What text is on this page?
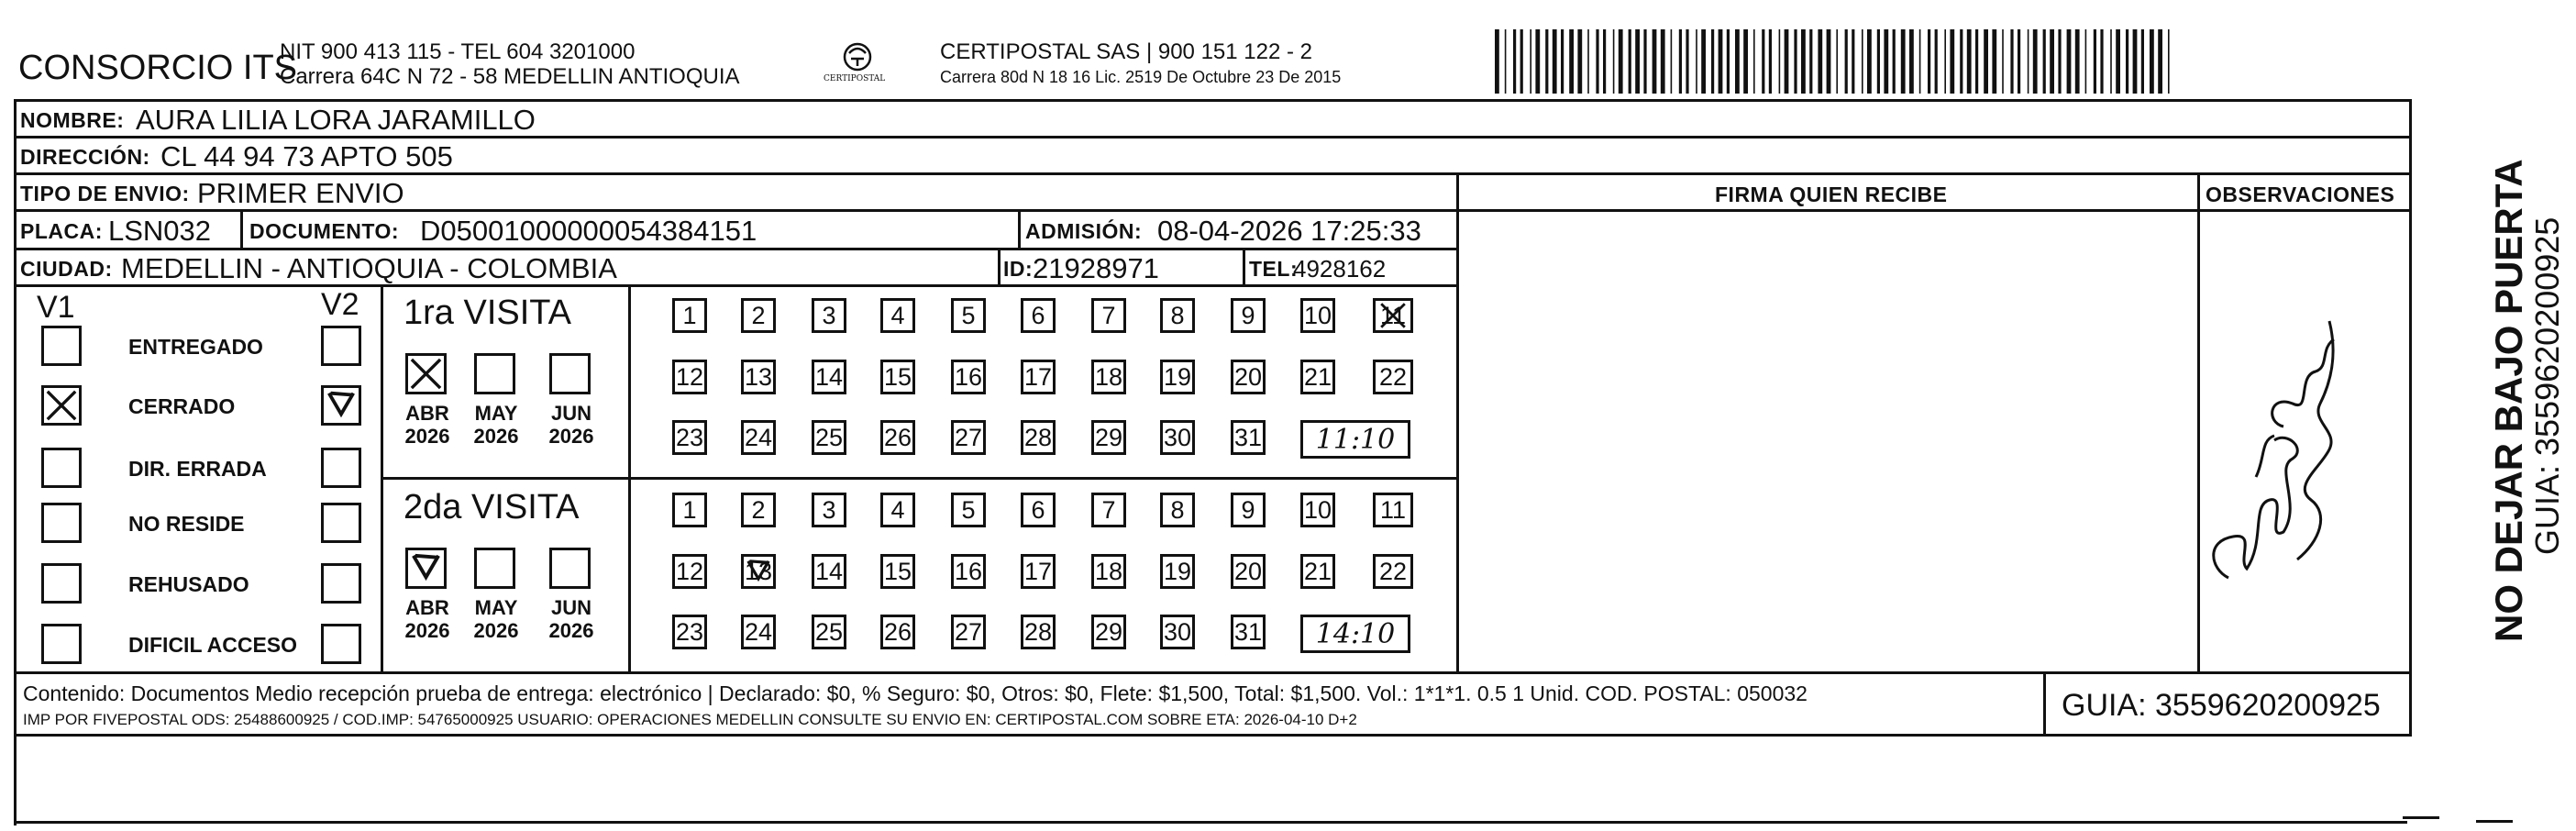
CONSORCIO ITS
NIT 900 413 115 - TEL 604 3201000
Carrera 64C N 72 - 58 MEDELLIN ANTIOQUIA	CERTIPOSTAL
CERTIPOSTAL SAS | 900 151 122 - 2
Carrera 80d N 18 16 Lic. 2519 De Octubre 23 De 2015
NOMBRE: AURA LILIA LORA JARAMILLO
DIRECCIÓN: CL 44 94 73 APTO 505
TIPO DE ENVIO: PRIMER ENVIO	FIRMA QUIEN RECIBE	OBSERVACIONES
PLACA: LSN032 DOCUMENTO: D05001000000054384151	ADMISIÓN: 08-04-2026 17:25:33
CIUDAD: MEDELLIN - ANTIOQUIA - COLOMBIA	ID: 21928971	TEL:
4928162
V1	V2
ENTREGADO
CERRADO
DIR. ERRADA
NO RESIDE
REHUSADO
DIFICIL ACCESO
1ra VISITA
ABR
2026
MAY
2026
JUN
2026
1	2	3	4	5	6	7	8	9	10 11
12 13 14 15 16 17 18 19 20 21 22
23 24 25 26 27 28 29 30 31	11:10
2da VISITA
ABR
2026
MAY
2026
JUN
2026
1	2	3	4	5	6	7	8	9	10 11
12 13 14 15 16 17 18 19 20 21 22
23 24 25 26 27 28 29 30 31	14:10
Contenido: Documentos Medio recepción prueba de entrega: electrónico | Declarado: $0, % Seguro: $0, Otros: $0, Flete: $1,500, Total: $1,500. Vol.: 1*1*1. 0.5 1 Unid. COD. POSTAL: 050032
IMP POR FIVEPOSTAL ODS: 25488600925 / COD.IMP: 54765000925 USUARIO: OPERACIONES MEDELLIN CONSULTE SU ENVIO EN: CERTIPOSTAL.COM SOBRE ETA: 2026-04-10 D+2	GUIA: 3559620200925
NO DEJAR BAJO PUERTA
GUIA: 3559620200925
